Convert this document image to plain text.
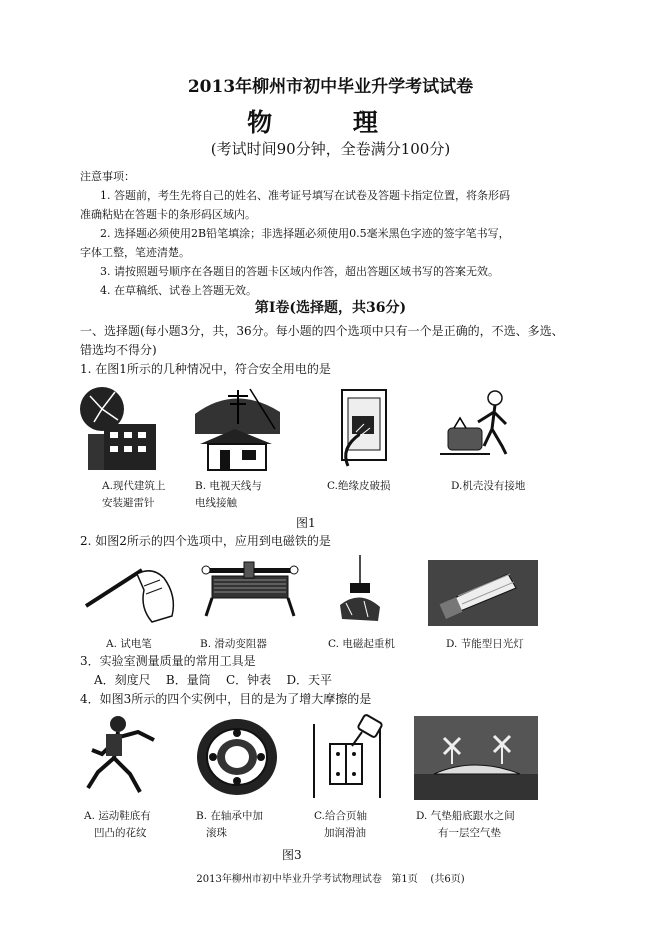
2013年柳州市初中毕业升学考试试卷
物 理
(考试时间90分钟，全卷满分100分)
注意事项：
1. 答题前，考生先将自己的姓名、准考证号填写在试卷及答题卡指定位置，将条形码
准确粘贴在答题卡的条形码区域内。
2. 选择题必须使用2B铅笔填涂；非选择题必须使用0.5毫米黑色字迹的签字笔书写，
字体工整，笔迹清楚。
3. 请按照题号顺序在各题目的答题卡区域内作答，超出答题区域书写的答案无效。
4. 在草稿纸、试卷上答题无效。
第Ⅰ卷(选择题，共36分)
一、选择题(每小题3分，共，36分。每小题的四个选项中只有一个是正确的，不选、多选、
错选均不得分)
1. 在图1所示的几种情况中，符合安全用电的是
A.现代建筑上
安装避雷针
B. 电视天线与
电线接触
C.绝缘皮破损	D.机壳没有接地
图1
2. 如图2所示的四个选项中，应用到电磁铁的是
A. 试电笔	B. 滑动变阻器	C. 电磁起重机	D. 节能型日光灯
3．实验室测量质量的常用工具是
A．刻度尺    B．量筒    C．钟表    D．天平
4．如图3所示的四个实例中，目的是为了增大摩擦的是
A. 运动鞋底有
凹凸的花纹
B. 在轴承中加
滚珠
C.给合页轴
加润滑油
D. 气垫船底跟水之间
有一层空气垫
图3
2013年柳州市初中毕业升学考试物理试卷   第1页    (共6页)
